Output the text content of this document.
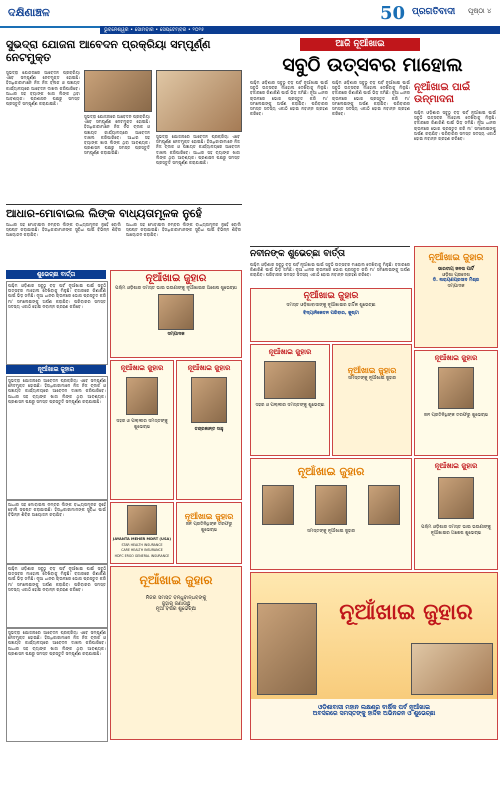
ଦକ୍ଷିଣାଞ୍ଚଳ
ଭୁବନେଶ୍ୱର • ସୋମବାର • ସେପ୍ଟେମ୍ବର • ୨୦୨୫
50 ପ୍ରଗତିବାଦୀ ପୃଷ୍ଠା ୪
ସୁଭଦ୍ରା ଯୋଜନା ଆବେଦନ ପ୍ରକ୍ରିୟା ସମ୍ପୂର୍ଣ୍ଣ ନେଟମୁକ୍ତ
ସୁଭଦ୍ରା ଯୋଜନାରେ ଆବେଦନ ପ୍ରକ୍ରିୟା ଏବେ ସମ୍ପୂର୍ଣ୍ଣ ନେଟମୁକ୍ତ ହୋଇଛି। ହିତାଧିକାରୀମାନେ ନିଜ ନିଜ ବ୍ଲକ ଓ ପଞ୍ଚାୟତ କାର୍ଯ୍ୟାଳୟରେ ଆବେଦନ ଦାଖଲ କରିପାରିବେ। ଆଧାର ସହ ବ୍ୟାଙ୍କ ଖାତା ଲିଙ୍କ ଥିବା ଆବଶ୍ୟକ। ପ୍ରଶାସନ ପକ୍ଷରୁ ସମସ୍ତ ପ୍ରସ୍ତୁତି ସମ୍ପୂର୍ଣ୍ଣ କରାଯାଇଛି।
ସୁଭଦ୍ରା ଯୋଜନାରେ ଆବେଦନ ପ୍ରକ୍ରିୟା ଏବେ ସମ୍ପୂର୍ଣ୍ଣ ନେଟମୁକ୍ତ ହୋଇଛି। ହିତାଧିକାରୀମାନେ ନିଜ ନିଜ ବ୍ଲକ ଓ ପଞ୍ଚାୟତ କାର୍ଯ୍ୟାଳୟରେ ଆବେଦନ ଦାଖଲ କରିପାରିବେ। ଆଧାର ସହ ବ୍ୟାଙ୍କ ଖାତା ଲିଙ୍କ ଥିବା ଆବଶ୍ୟକ। ପ୍ରଶାସନ ପକ୍ଷରୁ ସମସ୍ତ ପ୍ରସ୍ତୁତି ସମ୍ପୂର୍ଣ୍ଣ କରାଯାଇଛି।
ସୁଭଦ୍ରା ଯୋଜନାରେ ଆବେଦନ ପ୍ରକ୍ରିୟା ଏବେ ସମ୍ପୂର୍ଣ୍ଣ ନେଟମୁକ୍ତ ହୋଇଛି। ହିତାଧିକାରୀମାନେ ନିଜ ନିଜ ବ୍ଲକ ଓ ପଞ୍ଚାୟତ କାର୍ଯ୍ୟାଳୟରେ ଆବେଦନ ଦାଖଲ କରିପାରିବେ। ଆଧାର ସହ ବ୍ୟାଙ୍କ ଖାତା ଲିଙ୍କ ଥିବା ଆବଶ୍ୟକ। ପ୍ରଶାସନ ପକ୍ଷରୁ ସମସ୍ତ ପ୍ରସ୍ତୁତି ସମ୍ପୂର୍ଣ୍ଣ କରାଯାଇଛି।
ଆଧାର-ମୋବାଇଲ ଲିଙ୍କ ବାଧ୍ୟତାମୂଳକ ନୁହେଁ
ଆଧାର ସହ ମୋବାଇଲ ନମ୍ବର ଲିଙ୍କ ବାଧ୍ୟତାମୂଳକ ନୁହେଁ ବୋଲି ସ୍ପଷ୍ଟ କରାଯାଇଛି। ହିତାଧିକାରୀମାନଙ୍କ ସୁବିଧା ପାଇଁ ବିଭିନ୍ନ ଶିବିର ଆୟୋଜନ କରାଯିବ।
ଆଧାର ସହ ମୋବାଇଲ ନମ୍ବର ଲିଙ୍କ ବାଧ୍ୟତାମୂଳକ ନୁହେଁ ବୋଲି ସ୍ପଷ୍ଟ କରାଯାଇଛି। ହିତାଧିକାରୀମାନଙ୍କ ସୁବିଧା ପାଇଁ ବିଭିନ୍ନ ଶିବିର ଆୟୋଜନ କରାଯିବ।
ଶୁଭେଚ୍ଛା ବାର୍ତ୍ତା
ପଶ୍ଚିମ ଓଡ଼ିଶାର ସବୁଠୁ ବଡ଼ ପର୍ବ ନୂଆଁଖାଇ ପାଇଁ ସବୁଠି ଉତ୍ସବର ମାହୋଲ ଦେଖିବାକୁ ମିଳୁଛି। ବଜାରରେ କିଣାକିଣି ପାଇଁ ଭିଡ଼ ଜମିଛି। ନୂଆ ଧାନର ଚାଉଳରେ ଭୋଗ ପ୍ରସ୍ତୁତ କରି ମା' ସମଲେଇଙ୍କୁ ଅର୍ପଣ କରାଯିବ। ପରିବାରର ସମସ୍ତ ସଦସ୍ୟ ଏକାଠି ହୋଇ ନବାନ୍ନ ଗ୍ରହଣ କରିବେ।
ନୂଆଁଖାଇ ଜୁହାର
ସୁଭଦ୍ରା ଯୋଜନାରେ ଆବେଦନ ପ୍ରକ୍ରିୟା ଏବେ ସମ୍ପୂର୍ଣ୍ଣ ନେଟମୁକ୍ତ ହୋଇଛି। ହିତାଧିକାରୀମାନେ ନିଜ ନିଜ ବ୍ଲକ ଓ ପଞ୍ଚାୟତ କାର୍ଯ୍ୟାଳୟରେ ଆବେଦନ ଦାଖଲ କରିପାରିବେ। ଆଧାର ସହ ବ୍ୟାଙ୍କ ଖାତା ଲିଙ୍କ ଥିବା ଆବଶ୍ୟକ। ପ୍ରଶାସନ ପକ୍ଷରୁ ସମସ୍ତ ପ୍ରସ୍ତୁତି ସମ୍ପୂର୍ଣ୍ଣ କରାଯାଇଛି।
ଆଧାର ସହ ମୋବାଇଲ ନମ୍ବର ଲିଙ୍କ ବାଧ୍ୟତାମୂଳକ ନୁହେଁ ବୋଲି ସ୍ପଷ୍ଟ କରାଯାଇଛି। ହିତାଧିକାରୀମାନଙ୍କ ସୁବିଧା ପାଇଁ ବିଭିନ୍ନ ଶିବିର ଆୟୋଜନ କରାଯିବ।
ପଶ୍ଚିମ ଓଡ଼ିଶାର ସବୁଠୁ ବଡ଼ ପର୍ବ ନୂଆଁଖାଇ ପାଇଁ ସବୁଠି ଉତ୍ସବର ମାହୋଲ ଦେଖିବାକୁ ମିଳୁଛି। ବଜାରରେ କିଣାକିଣି ପାଇଁ ଭିଡ଼ ଜମିଛି। ନୂଆ ଧାନର ଚାଉଳରେ ଭୋଗ ପ୍ରସ୍ତୁତ କରି ମା' ସମଲେଇଙ୍କୁ ଅର୍ପଣ କରାଯିବ। ପରିବାରର ସମସ୍ତ ସଦସ୍ୟ ଏକାଠି ହୋଇ ନବାନ୍ନ ଗ୍ରହଣ କରିବେ।
ନୂଆଁଖାଇ ଜୁହାର
ପଶ୍ଚିମ ଓଡ଼ିଶାର ସମସ୍ତ ଭାଇ ଭଉଣୀଙ୍କୁ ନୂଆଁଖାଇର ଅଶେଷ ଶୁଭେଚ୍ଛା
ସମ୍ପାଦକ
ନୂଆଁଖାଇ ଜୁହାର
ସହର ଓ ପଲ୍ଲୀର ସମସ୍ତଙ୍କୁ ଶୁଭେଚ୍ଛା
ନୂଆଁଖାଇ ଜୁହାର
ଚନ୍ଦ୍ରକାନ୍ତ ସାହୁ
JAYANTA MEHER MDRT (USA)
STAR HEALTH INSURANCE
CARE HEALTH INSURANCE
HDFC ERGO GENERAL INSURANCE
ନୂଆଁଖାଇ ଜୁହାର
ଜନ ପ୍ରତିନିଧିଙ୍କ ତରଫରୁ ଶୁଭେଚ୍ଛା
ନୂଆଁଖାଇ ଜୁହାର
ନିଜର ସମସ୍ତ ବନ୍ଧୁବାନ୍ଧବଙ୍କୁ
ଜୁହାର ଜଣାଉଛୁ
ନୂଆ ବର୍ଷର ଶୁଭେଚ୍ଛା
ସୁଭଦ୍ରା ଯୋଜନାରେ ଆବେଦନ ପ୍ରକ୍ରିୟା ଏବେ ସମ୍ପୂର୍ଣ୍ଣ ନେଟମୁକ୍ତ ହୋଇଛି। ହିତାଧିକାରୀମାନେ ନିଜ ନିଜ ବ୍ଲକ ଓ ପଞ୍ଚାୟତ କାର୍ଯ୍ୟାଳୟରେ ଆବେଦନ ଦାଖଲ କରିପାରିବେ। ଆଧାର ସହ ବ୍ୟାଙ୍କ ଖାତା ଲିଙ୍କ ଥିବା ଆବଶ୍ୟକ। ପ୍ରଶାସନ ପକ୍ଷରୁ ସମସ୍ତ ପ୍ରସ୍ତୁତି ସମ୍ପୂର୍ଣ୍ଣ କରାଯାଇଛି।
ଆଜି ନୂଆଁଖାଇ
ସବୁଠି ଉତ୍ସବର ମାହୋଲ
ପଶ୍ଚିମ ଓଡ଼ିଶାର ସବୁଠୁ ବଡ଼ ପର୍ବ ନୂଆଁଖାଇ ପାଇଁ ସବୁଠି ଉତ୍ସବର ମାହୋଲ ଦେଖିବାକୁ ମିଳୁଛି। ବଜାରରେ କିଣାକିଣି ପାଇଁ ଭିଡ଼ ଜମିଛି। ନୂଆ ଧାନର ଚାଉଳରେ ଭୋଗ ପ୍ରସ୍ତୁତ କରି ମା' ସମଲେଇଙ୍କୁ ଅର୍ପଣ କରାଯିବ। ପରିବାରର ସମସ୍ତ ସଦସ୍ୟ ଏକାଠି ହୋଇ ନବାନ୍ନ ଗ୍ରହଣ କରିବେ।
ପଶ୍ଚିମ ଓଡ଼ିଶାର ସବୁଠୁ ବଡ଼ ପର୍ବ ନୂଆଁଖାଇ ପାଇଁ ସବୁଠି ଉତ୍ସବର ମାହୋଲ ଦେଖିବାକୁ ମିଳୁଛି। ବଜାରରେ କିଣାକିଣି ପାଇଁ ଭିଡ଼ ଜମିଛି। ନୂଆ ଧାନର ଚାଉଳରେ ଭୋଗ ପ୍ରସ୍ତୁତ କରି ମା' ସମଲେଇଙ୍କୁ ଅର୍ପଣ କରାଯିବ। ପରିବାରର ସମସ୍ତ ସଦସ୍ୟ ଏକାଠି ହୋଇ ନବାନ୍ନ ଗ୍ରହଣ କରିବେ।
ନୂଆଁଖାଇ ପାଇଁ ଉନ୍ମାଦନା
ପଶ୍ଚିମ ଓଡ଼ିଶାର ସବୁଠୁ ବଡ଼ ପର୍ବ ନୂଆଁଖାଇ ପାଇଁ ସବୁଠି ଉତ୍ସବର ମାହୋଲ ଦେଖିବାକୁ ମିଳୁଛି। ବଜାରରେ କିଣାକିଣି ପାଇଁ ଭିଡ଼ ଜମିଛି। ନୂଆ ଧାନର ଚାଉଳରେ ଭୋଗ ପ୍ରସ୍ତୁତ କରି ମା' ସମଲେଇଙ୍କୁ ଅର୍ପଣ କରାଯିବ। ପରିବାରର ସମସ୍ତ ସଦସ୍ୟ ଏକାଠି ହୋଇ ନବାନ୍ନ ଗ୍ରହଣ କରିବେ।
ନବୀନଙ୍କ ଶୁଭେଚ୍ଛା ବାର୍ତ୍ତା
ପଶ୍ଚିମ ଓଡ଼ିଶାର ସବୁଠୁ ବଡ଼ ପର୍ବ ନୂଆଁଖାଇ ପାଇଁ ସବୁଠି ଉତ୍ସବର ମାହୋଲ ଦେଖିବାକୁ ମିଳୁଛି। ବଜାରରେ କିଣାକିଣି ପାଇଁ ଭିଡ଼ ଜମିଛି। ନୂଆ ଧାନର ଚାଉଳରେ ଭୋଗ ପ୍ରସ୍ତୁତ କରି ମା' ସମଲେଇଙ୍କୁ ଅର୍ପଣ କରାଯିବ। ପରିବାରର ସମସ୍ତ ସଦସ୍ୟ ଏକାଠି ହୋଇ ନବାନ୍ନ ଗ୍ରହଣ କରିବେ।
ନୂଆଁଖାଇ ଜୁହାର
ସମସ୍ତ ଓଡ଼ିଶାବାସୀଙ୍କୁ ନୂଆଁଖାଇର ହାର୍ଦ୍ଦିକ ଶୁଭେଚ୍ଛା
ବିଦ୍ୟାନିକେତନ ପରିବାର, କୁଷ୍ଟା
ନୂଆଁଖାଇ ଜୁହାର
ସହର ଓ ପଲ୍ଲୀର ସମସ୍ତଙ୍କୁ ଶୁଭେଚ୍ଛା
ନୂଆଁଖାଇ ଜୁହାର
ସମସ୍ତଙ୍କୁ ନୂଆଁଖାଇ ଜୁହାର
ନୂଆଁଖାଇ ଜୁହାର
ଭାରତୀୟ ଜନତା ପାର୍ଟି
ଓଡ଼ିଶା ପ୍ରଦେଶ
ଡି. ନାରାୟଣପ୍ରସାଦ ମିଶ୍ର
ସମ୍ପାଦକ
ନୂଆଁଖାଇ ଜୁହାର
ଜନ ପ୍ରତିନିଧିଙ୍କ ତରଫରୁ ଶୁଭେଚ୍ଛା
ନୂଆଁଖାଇ ଜୁହାର
ସମସ୍ତଙ୍କୁ ନୂଆଁଖାଇ ଜୁହାର
ନୂଆଁଖାଇ ଜୁହାର
ପଶ୍ଚିମ ଓଡ଼ିଶାର ସମସ୍ତ ଭାଇ ଭଉଣୀଙ୍କୁ ନୂଆଁଖାଇର ଅଶେଷ ଶୁଭେଚ୍ଛା
ନୂଆଁଖାଇ ଜୁହାର
ଓଡ଼ିଶାବାସୀ ମହାନ ଲକ୍ଷଣର ବାର୍ଷିକ ପର୍ବ ନୂଆଁଖାଇ
ଅବସରରେ ସମସ୍ତଙ୍କୁ ହାର୍ଦ୍ଦିକ ଅଭିନନ୍ଦନ ଓ ଶୁଭେଚ୍ଛା
